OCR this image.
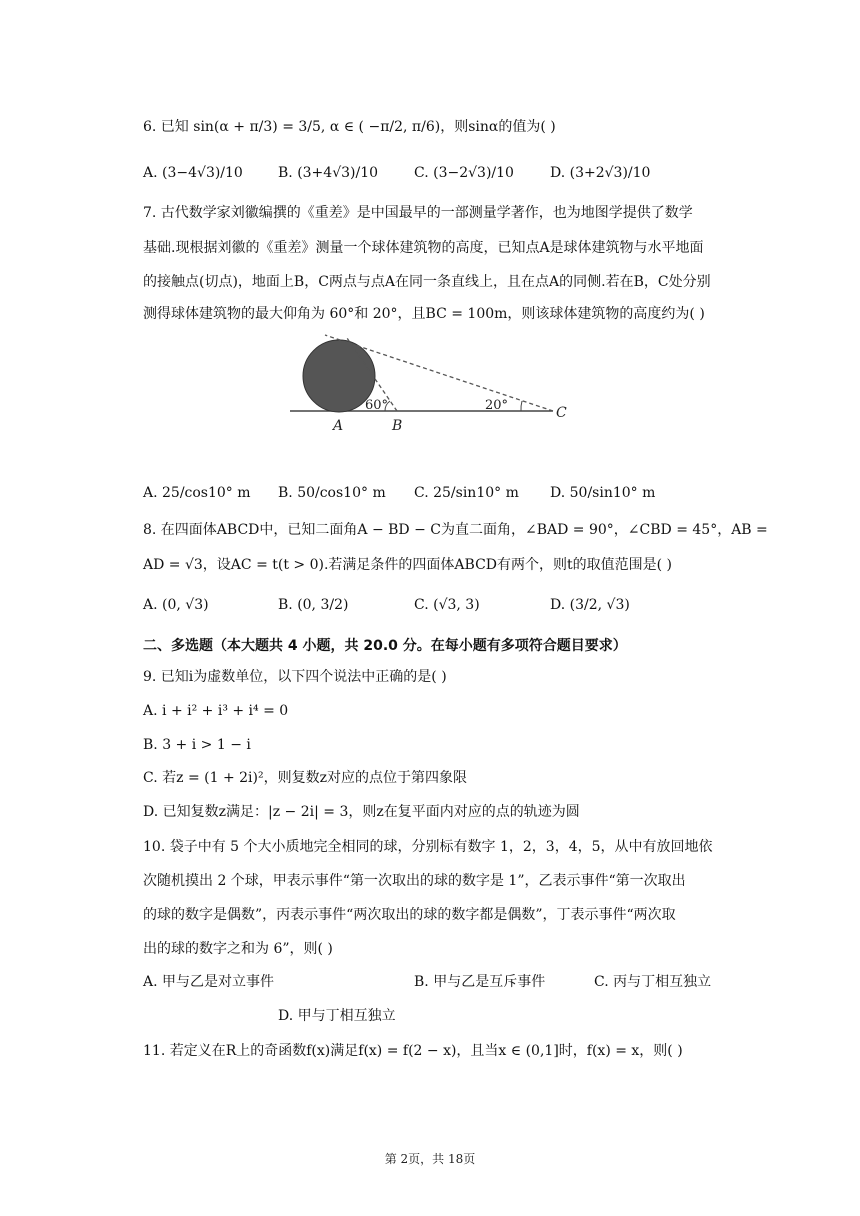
6. 已知 sin(α + π/3) = 3/5, α ∈ ( −π/2, π/6)，则sinα的值为( )
A. (3−4√3)/10	B. (3+4√3)/10	C. (3−2√3)/10	D. (3+2√3)/10
7. 古代数学家刘徽编撰的《重差》是中国最早的一部测量学著作，也为地图学提供了数学
基础.现根据刘徽的《重差》测量一个球体建筑物的高度，已知点A是球体建筑物与水平地面
的接触点(切点)，地面上B，C两点与点A在同一条直线上，且在点A的同侧.若在B，C处分别
测得球体建筑物的最大仰角为 60°和 20°，且BC = 100m，则该球体建筑物的高度约为( )
60°	20°
A	B
C
A. 25/cos10° m B. 50/cos10° m C. 25/sin10° m D. 50/sin10° m
8. 在四面体ABCD中，已知二面角A − BD − C为直二面角，∠BAD = 90°，∠CBD = 45°，AB =
AD = √3，设AC = t(t > 0).若满足条件的四面体ABCD有两个，则t的取值范围是( )
A. (0, √3)	B. (0, 3/2)	C. (√3, 3)	D. (3/2, √3)
二、多选题（本大题共 4 小题，共 20.0 分。在每小题有多项符合题目要求）
9. 已知i为虚数单位，以下四个说法中正确的是( )
A. i + i² + i³ + i⁴ = 0
B. 3 + i > 1 − i
C. 若z = (1 + 2i)²，则复数z对应的点位于第四象限
D. 已知复数z满足：|z − 2i| = 3，则z在复平面内对应的点的轨迹为圆
10. 袋子中有 5 个大小质地完全相同的球，分别标有数字 1，2，3，4，5，从中有放回地依
次随机摸出 2 个球，甲表示事件“第一次取出的球的数字是 1”，乙表示事件“第一次取出
的球的数字是偶数”，丙表示事件“两次取出的球的数字都是偶数”，丁表示事件“两次取
出的球的数字之和为 6”，则( )
A. 甲与乙是对立事件	B. 甲与乙是互斥事件	C. 丙与丁相互独立
D. 甲与丁相互独立
11. 若定义在R上的奇函数f(x)满足f(x) = f(2 − x)，且当x ∈ (0,1]时，f(x) = x，则( )
第 2页，共 18页
